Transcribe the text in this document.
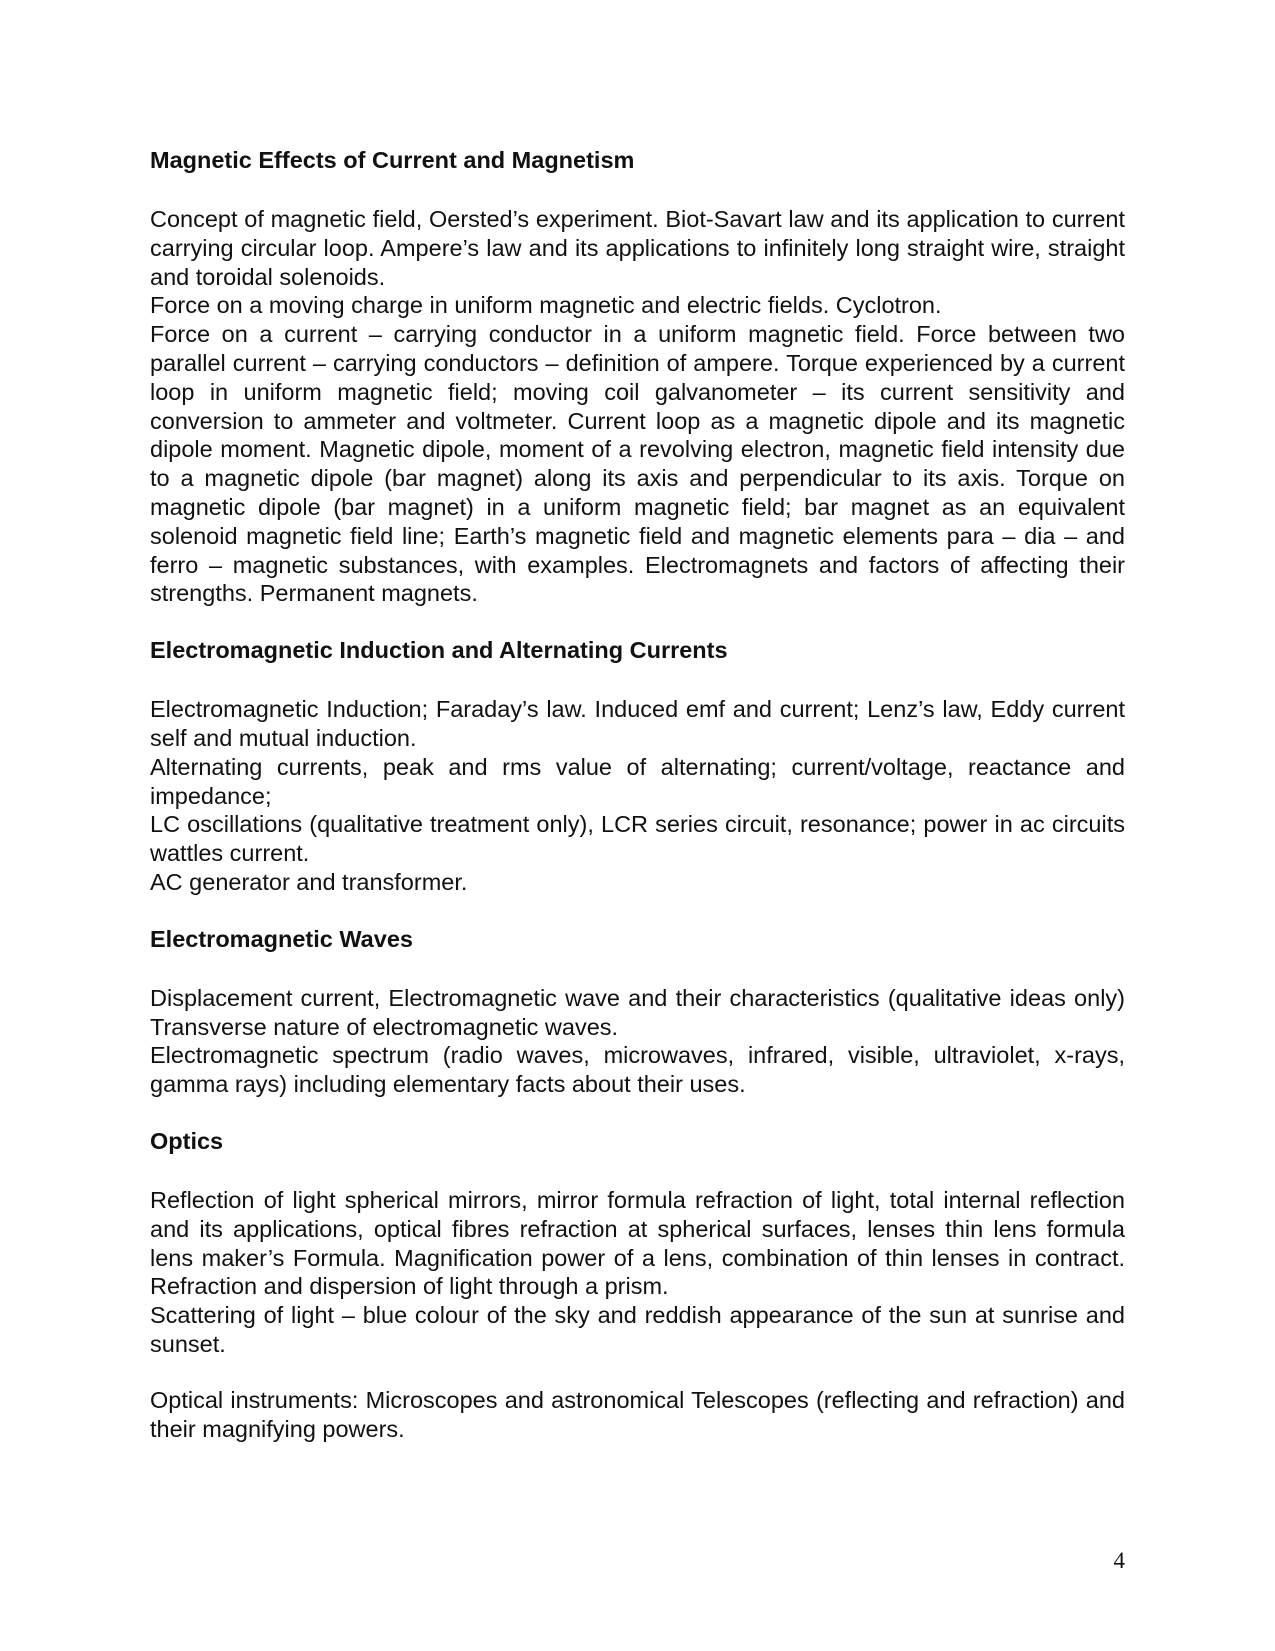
Magnetic Effects of Current and Magnetism

Concept of magnetic field, Oersted’s experiment. Biot-Savart law and its application to current carrying circular loop. Ampere’s law and its applications to infinitely long straight wire, straight and toroidal solenoids.

Force on a moving charge in uniform magnetic and electric fields. Cyclotron.

Force on a current – carrying conductor in a uniform magnetic field. Force between two parallel current – carrying conductors – definition of ampere. Torque experienced by a current loop in uniform magnetic field; moving coil galvanometer – its current sensitivity and conversion to ammeter and voltmeter. Current loop as a magnetic dipole and its magnetic dipole moment. Magnetic dipole, moment of a revolving electron, magnetic field intensity due to a magnetic dipole (bar magnet) along its axis and perpendicular to its axis. Torque on magnetic dipole (bar magnet) in a uniform magnetic field; bar magnet as an equivalent solenoid magnetic field line; Earth’s magnetic field and magnetic elements para – dia – and ferro – magnetic substances, with examples. Electromagnets and factors of affecting their strengths. Permanent magnets.

Electromagnetic Induction and Alternating Currents

Electromagnetic Induction; Faraday’s law. Induced emf and current; Lenz’s law, Eddy current self and mutual induction.

Alternating currents, peak and rms value of alternating; current/voltage, reactance and impedance;

LC oscillations (qualitative treatment only), LCR series circuit, resonance; power in ac circuits wattles current.

AC generator and transformer.

Electromagnetic Waves

Displacement current, Electromagnetic wave and their characteristics (qualitative ideas only) Transverse nature of electromagnetic waves.

Electromagnetic spectrum (radio waves, microwaves, infrared, visible, ultraviolet, x-rays, gamma rays) including elementary facts about their uses.

Optics

Reflection of light spherical mirrors, mirror formula refraction of light, total internal reflection and its applications, optical fibres refraction at spherical surfaces, lenses thin lens formula lens maker’s Formula. Magnification power of a lens, combination of thin lenses in contract. Refraction and dispersion of light through a prism.

Scattering of light – blue colour of the sky and reddish appearance of the sun at sunrise and sunset.

Optical instruments: Microscopes and astronomical Telescopes (reflecting and refraction) and their magnifying powers.

4
